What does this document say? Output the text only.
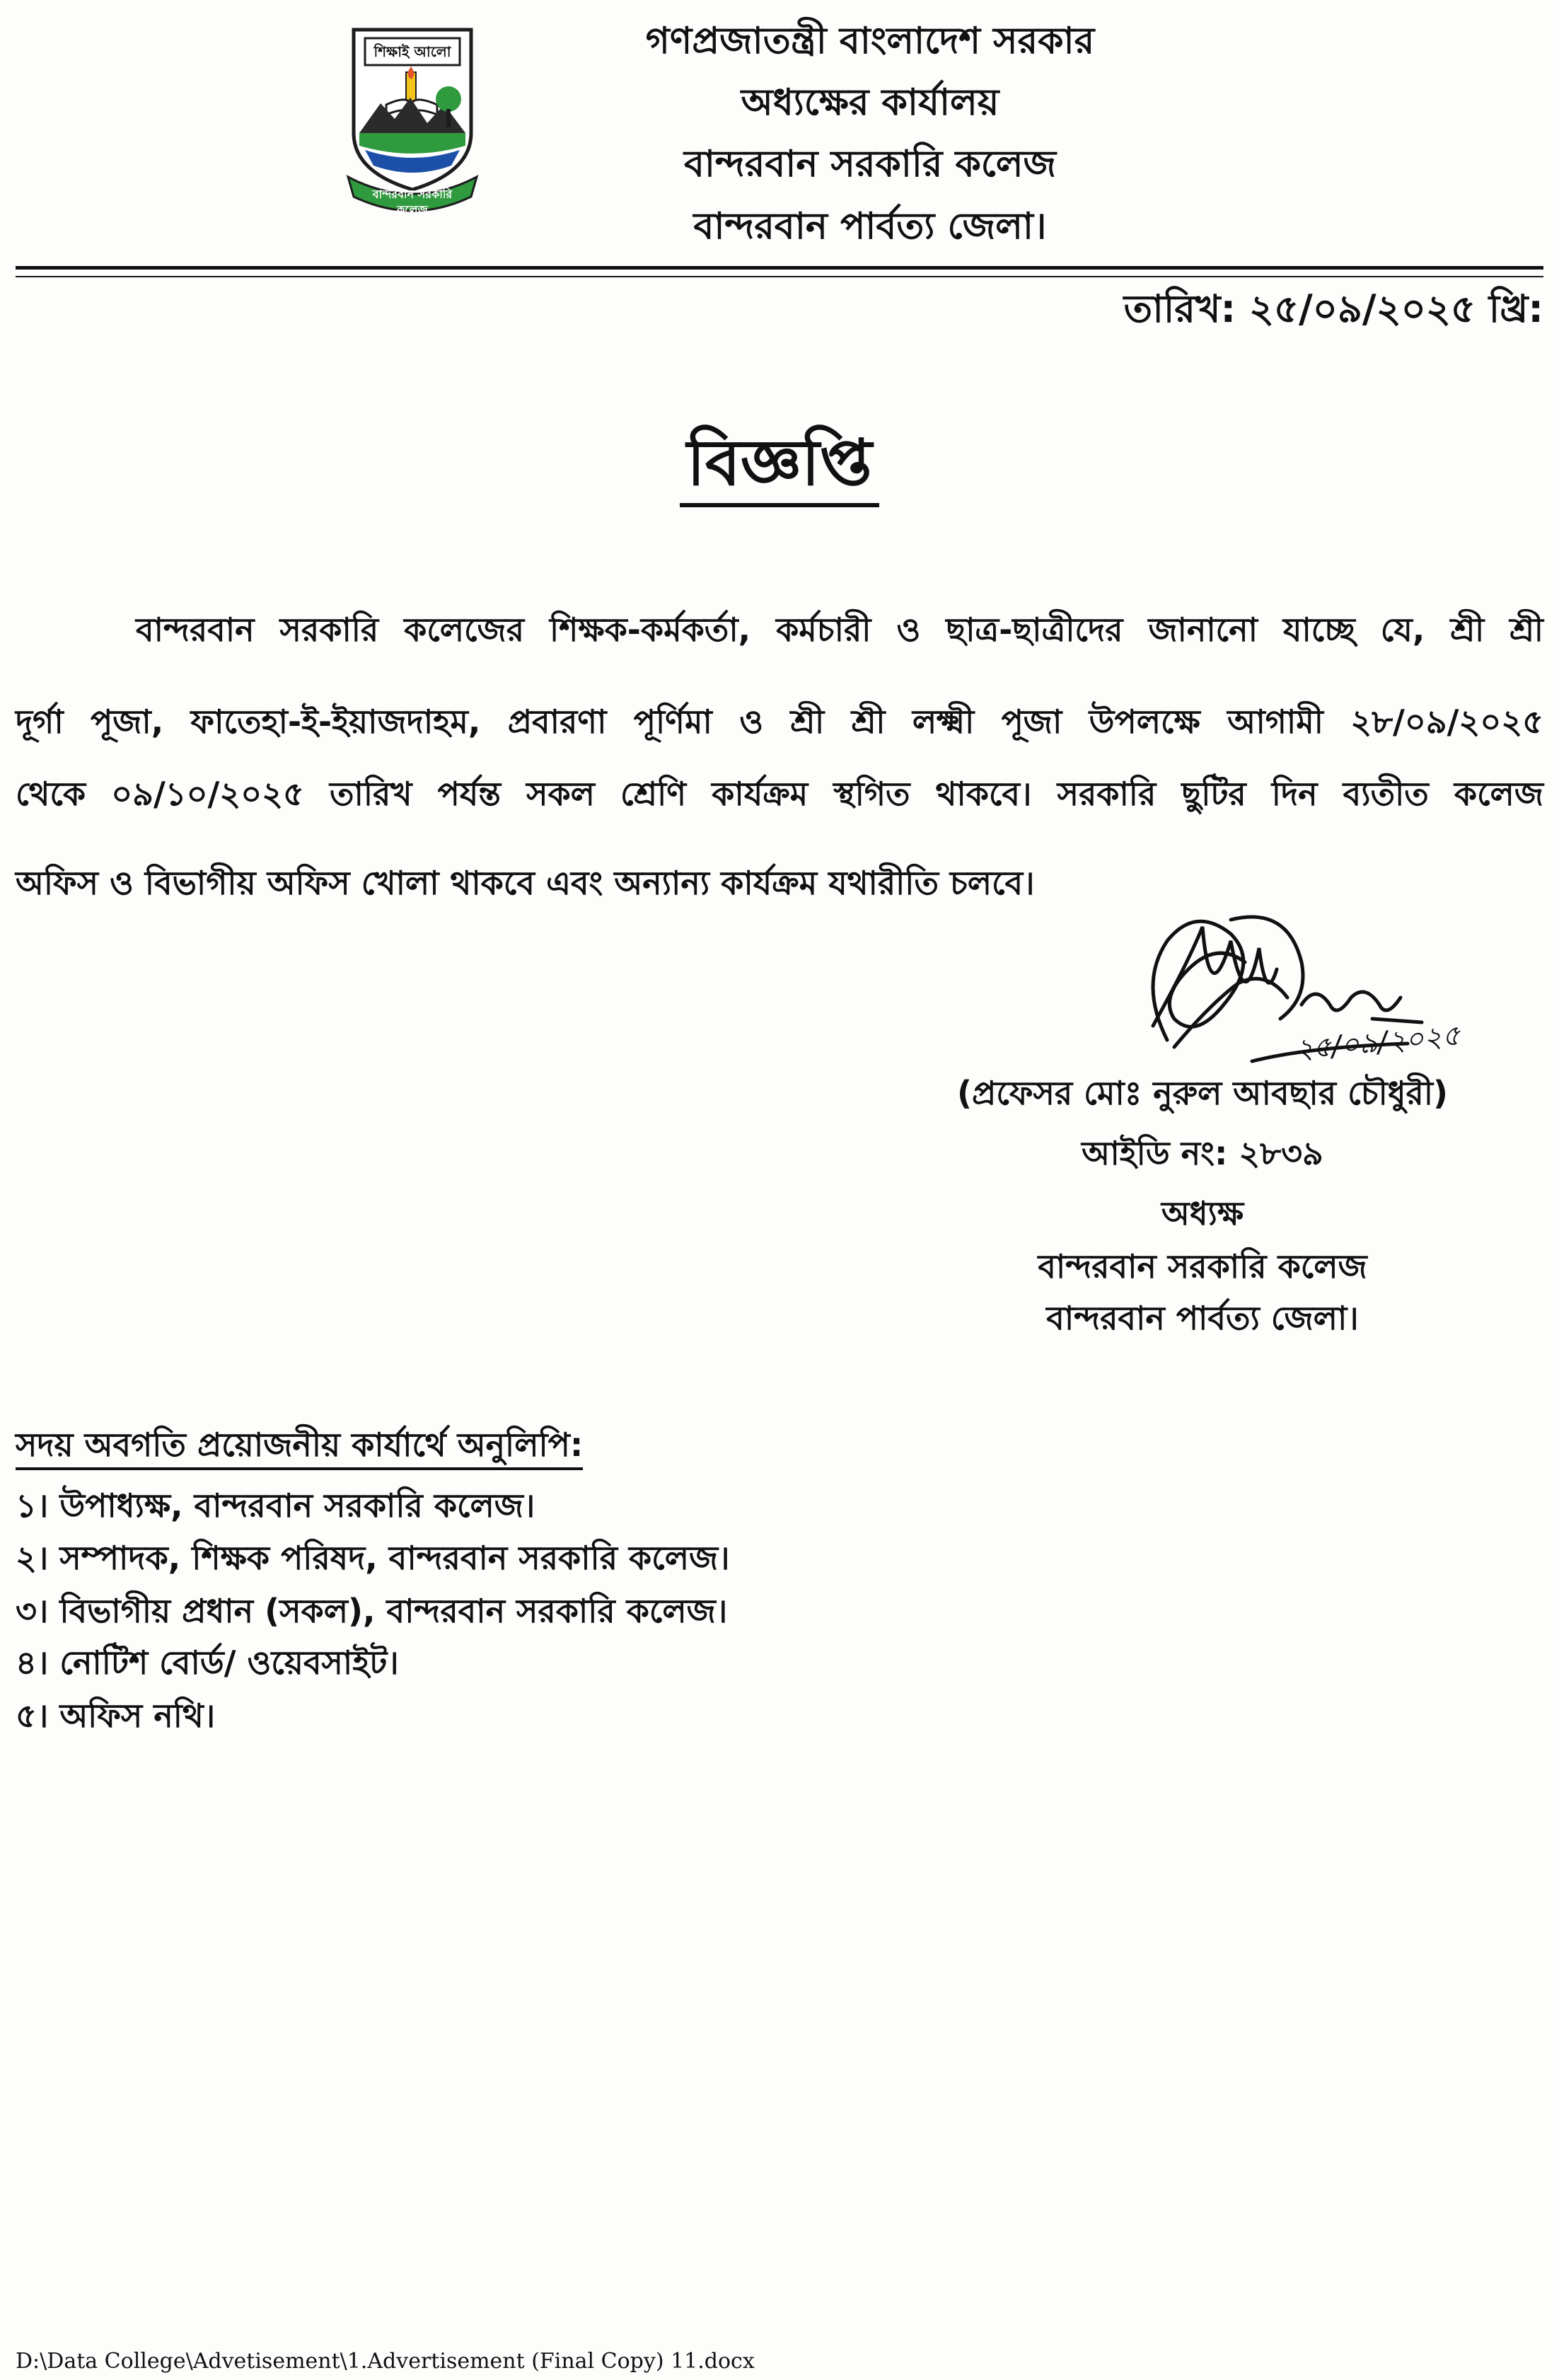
শিক্ষাই আলো
বান্দরবান সরকারি কলেজ
গণপ্রজাতন্ত্রী বাংলাদেশ সরকার
অধ্যক্ষের কার্যালয়
বান্দরবান সরকারি কলেজ
বান্দরবান পার্বত্য জেলা।
তারিখ: ২৫/০৯/২০২৫ খ্রি:
বিজ্ঞপ্তি
বান্দরবান সরকারি কলেজের শিক্ষক-কর্মকর্তা, কর্মচারী ও ছাত্র-ছাত্রীদের জানানো যাচ্ছে যে, শ্রী শ্রী
দূর্গা পূজা, ফাতেহা-ই-ইয়াজদাহম, প্রবারণা পূর্ণিমা ও শ্রী শ্রী লক্ষ্মী পূজা উপলক্ষে আগামী ২৮/০৯/২০২৫
থেকে ০৯/১০/২০২৫ তারিখ পর্যন্ত সকল শ্রেণি কার্যক্রম স্থগিত থাকবে। সরকারি ছুটির দিন ব্যতীত কলেজ
অফিস ও বিভাগীয় অফিস খোলা থাকবে এবং অন্যান্য কার্যক্রম যথারীতি চলবে।
২৫/০৯/২০২৫
(প্রফেসর মোঃ নুরুল আবছার চৌধুরী)
আইডি নং: ২৮৩৯
অধ্যক্ষ
বান্দরবান সরকারি কলেজ
বান্দরবান পার্বত্য জেলা।
সদয় অবগতি প্রয়োজনীয় কার্যার্থে অনুলিপি:
১। উপাধ্যক্ষ, বান্দরবান সরকারি কলেজ।
২। সম্পাদক, শিক্ষক পরিষদ, বান্দরবান সরকারি কলেজ।
৩। বিভাগীয় প্রধান (সকল), বান্দরবান সরকারি কলেজ।
৪। নোটিশ বোর্ড/ ওয়েবসাইট।
৫। অফিস নথি।
D:\Data College\Advetisement\1.Advertisement (Final Copy) 11.docx
